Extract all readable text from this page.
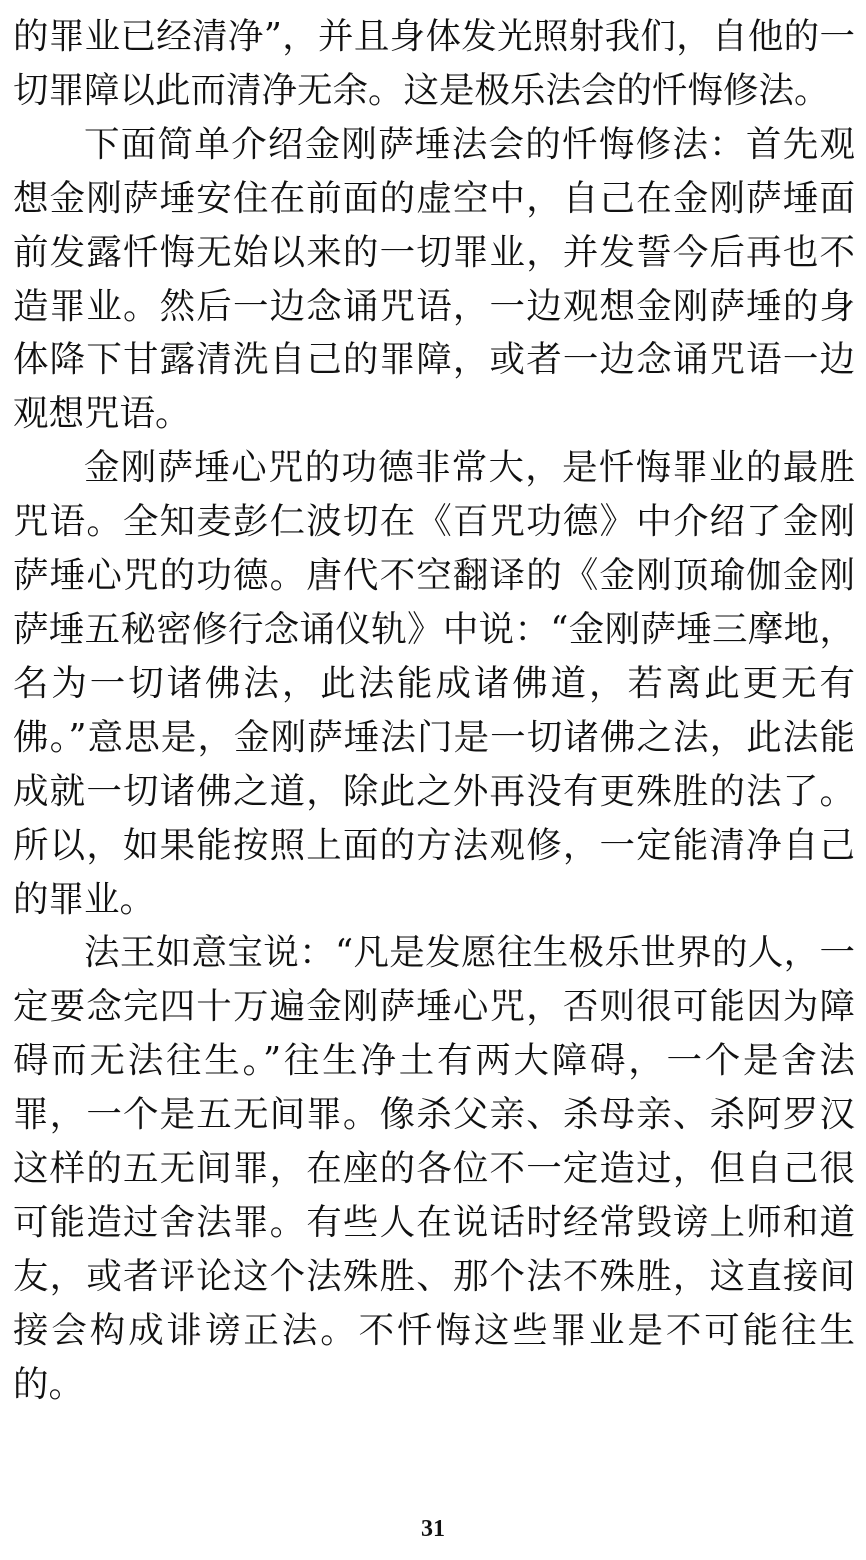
的罪业已经清净”，并且身体发光照射我们，自他的一切罪障以此而清净无余。这是极乐法会的忏悔修法。

下面简单介绍金刚萨埵法会的忏悔修法：首先观想金刚萨埵安住在前面的虚空中，自己在金刚萨埵面前发露忏悔无始以来的一切罪业，并发誓今后再也不造罪业。然后一边念诵咒语，一边观想金刚萨埵的身体降下甘露清洗自己的罪障，或者一边念诵咒语一边观想咒语。

金刚萨埵心咒的功德非常大，是忏悔罪业的最胜咒语。全知麦彭仁波切在《百咒功德》中介绍了金刚萨埵心咒的功德。唐代不空翻译的《金刚顶瑜伽金刚萨埵五秘密修行念诵仪轨》中说：“金刚萨埵三摩地，名为一切诸佛法，此法能成诸佛道，若离此更无有佛。”意思是，金刚萨埵法门是一切诸佛之法，此法能成就一切诸佛之道，除此之外再没有更殊胜的法了。所以，如果能按照上面的方法观修，一定能清净自己的罪业。

法王如意宝说：“凡是发愿往生极乐世界的人，一定要念完四十万遍金刚萨埵心咒，否则很可能因为障碍而无法往生。”往生净土有两大障碍，一个是舍法罪，一个是五无间罪。像杀父亲、杀母亲、杀阿罗汉这样的五无间罪，在座的各位不一定造过，但自己很可能造过舍法罪。有些人在说话时经常毁谤上师和道友，或者评论这个法殊胜、那个法不殊胜，这直接间接会构成诽谤正法。不忏悔这些罪业是不可能往生的。

31
